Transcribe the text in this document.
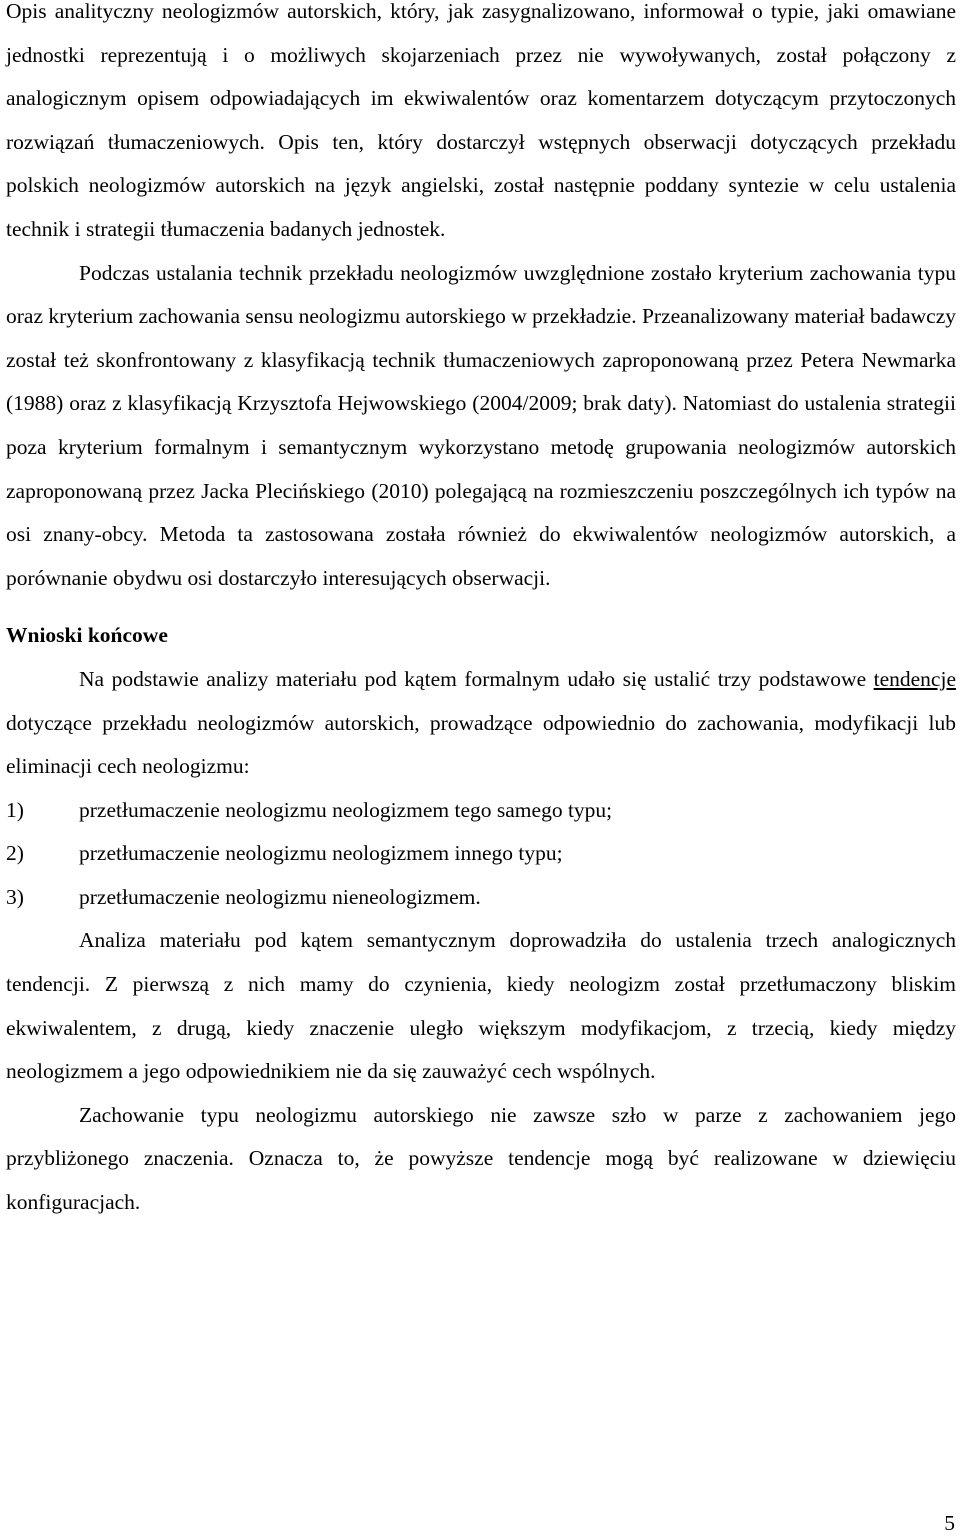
Opis analityczny neologizmów autorskich, który, jak zasygnalizowano, informował o typie, jaki omawiane jednostki reprezentują i o możliwych skojarzeniach przez nie wywoływanych, został połączony z analogicznym opisem odpowiadających im ekwiwalentów oraz komentarzem dotyczącym przytoczonych rozwiązań tłumaczeniowych. Opis ten, który dostarczył wstępnych obserwacji dotyczących przekładu polskich neologizmów autorskich na język angielski, został następnie poddany syntezie w celu ustalenia technik i strategii tłumaczenia badanych jednostek.

Podczas ustalania technik przekładu neologizmów uwzględnione zostało kryterium zachowania typu oraz kryterium zachowania sensu neologizmu autorskiego w przekładzie. Przeanalizowany materiał badawczy został też skonfrontowany z klasyfikacją technik tłumaczeniowych zaproponowaną przez Petera Newmarka (1988) oraz z klasyfikacją Krzysztofa Hejwowskiego (2004/2009; brak daty). Natomiast do ustalenia strategii poza kryterium formalnym i semantycznym wykorzystano metodę grupowania neologizmów autorskich zaproponowaną przez Jacka Plecińskiego (2010) polegającą na rozmieszczeniu poszczególnych ich typów na osi znany-obcy. Metoda ta zastosowana została również do ekwiwalentów neologizmów autorskich, a porównanie obydwu osi dostarczyło interesujących obserwacji.

Wnioski końcowe

Na podstawie analizy materiału pod kątem formalnym udało się ustalić trzy podstawowe tendencje dotyczące przekładu neologizmów autorskich, prowadzące odpowiednio do zachowania, modyfikacji lub eliminacji cech neologizmu:

1)	przetłumaczenie neologizmu neologizmem tego samego typu;
2)	przetłumaczenie neologizmu neologizmem innego typu;
3)	przetłumaczenie neologizmu nieneologizmem.

Analiza materiału pod kątem semantycznym doprowadziła do ustalenia trzech analogicznych tendencji. Z pierwszą z nich mamy do czynienia, kiedy neologizm został przetłumaczony bliskim ekwiwalentem, z drugą, kiedy znaczenie uległo większym modyfikacjom, z trzecią, kiedy między neologizmem a jego odpowiednikiem nie da się zauważyć cech wspólnych.

Zachowanie typu neologizmu autorskiego nie zawsze szło w parze z zachowaniem jego przybliżonego znaczenia. Oznacza to, że powyższe tendencje mogą być realizowane w dziewięciu konfiguracjach.

5
